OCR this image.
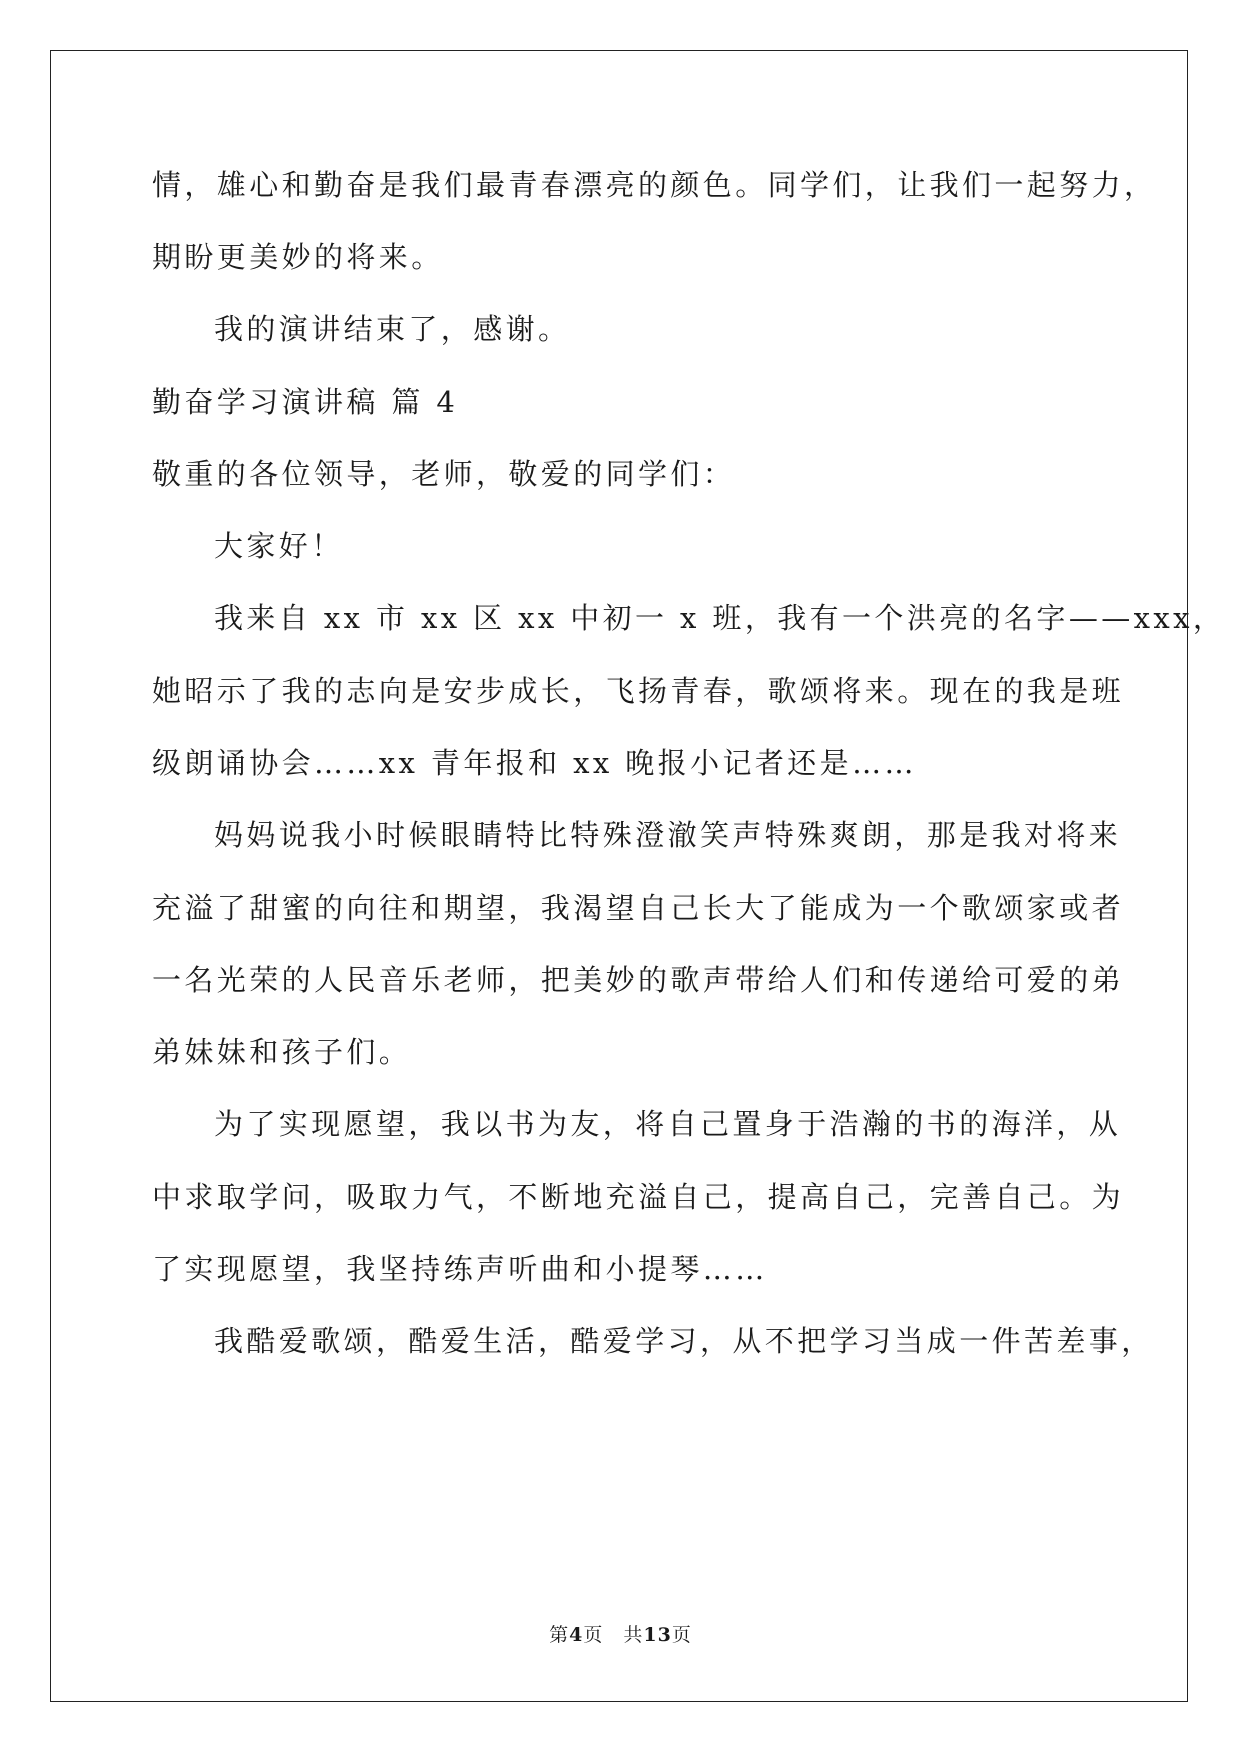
情，雄心和勤奋是我们最青春漂亮的颜色。同学们，让我们一起努力，
期盼更美妙的将来。
我的演讲结束了，感谢。
勤奋学习演讲稿 篇 4
敬重的各位领导，老师，敬爱的同学们：
大家好！
我来自 xx 市 xx 区 xx 中初一 x 班，我有一个洪亮的名字——xxx，
她昭示了我的志向是安步成长，飞扬青春，歌颂将来。现在的我是班
级朗诵协会……xx 青年报和 xx 晚报小记者还是……
妈妈说我小时候眼睛特比特殊澄澈笑声特殊爽朗，那是我对将来
充溢了甜蜜的向往和期望，我渴望自己长大了能成为一个歌颂家或者
一名光荣的人民音乐老师，把美妙的歌声带给人们和传递给可爱的弟
弟妹妹和孩子们。
为了实现愿望，我以书为友，将自己置身于浩瀚的书的海洋，从
中求取学问，吸取力气，不断地充溢自己，提高自己，完善自己。为
了实现愿望，我坚持练声听曲和小提琴……
我酷爱歌颂，酷爱生活，酷爱学习，从不把学习当成一件苦差事，
第4页　共13页
